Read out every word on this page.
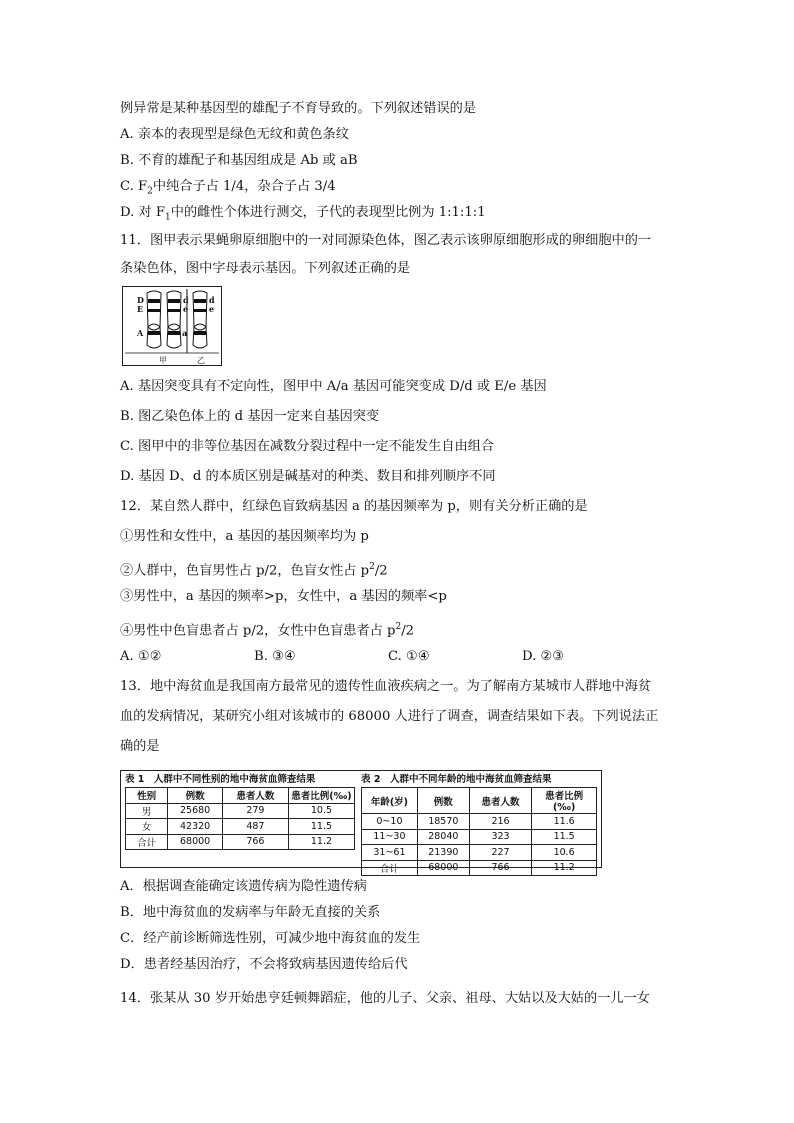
例异常是某种基因型的雄配子不育导致的。下列叙述错误的是
A. 亲本的表现型是绿色无纹和黄色条纹
B. 不育的雄配子和基因组成是 Ab 或 aB
C. $F_2$中纯合子占 1/4，杂合子占 3/4
D. 对 $F_1$中的雌性个体进行测交，子代的表现型比例为 1:1:1:1
11．图甲表示果蝇卵原细胞中的一对同源染色体，图乙表示该卵原细胞形成的卵细胞中的一
条染色体，图中字母表示基因。下列叙述正确的是
D
E
d
e
d
e
A	a
甲	乙
A. 基因突变具有不定向性，图甲中 A/a 基因可能突变成 D/d 或 E/e 基因
B. 图乙染色体上的 d 基因一定来自基因突变
C. 图甲中的非等位基因在减数分裂过程中一定不能发生自由组合
D. 基因 D、d 的本质区别是碱基对的种类、数目和排列顺序不同
12．某自然人群中，红绿色盲致病基因 a 的基因频率为 p，则有关分析正确的是
①男性和女性中，a 基因的基因频率均为 p
②人群中，色盲男性占 p/2，色盲女性占 $p^2/2$
③男性中，a 基因的频率>p，女性中，a 基因的频率<p
④男性中色盲患者占 p/2，女性中色盲患者占 $p^2/2$
A. ①②	B. ③④	C. ①④	D. ②③
13．地中海贫血是我国南方最常见的遗传性血液疾病之一。为了解南方某城市人群地中海贫
血的发病情况，某研究小组对该城市的 68000 人进行了调查，调查结果如下表。下列说法正
确的是
表 1　人群中不同性别的地中海贫血筛查结果
性别	例数	患者人数	患者比例(‰)
男	25680	279	10.5
女	42320	487	11.5
合计	68000	766	11.2
表 2　人群中不同年龄的地中海贫血筛查结果
年龄(岁)	例数	患者人数	患者比例(‰)
0~10	18570	216	11.6
11~30	28040	323	11.5
31~61	21390	227	10.6
合计	68000	766	11.2
A．根据调查能确定该遗传病为隐性遗传病
B．地中海贫血的发病率与年龄无直接的关系
C．经产前诊断筛选性别，可减少地中海贫血的发生
D．患者经基因治疗，不会将致病基因遗传给后代
14．张某从 30 岁开始患亨廷顿舞蹈症，他的儿子、父亲、祖母、大姑以及大姑的一儿一女
